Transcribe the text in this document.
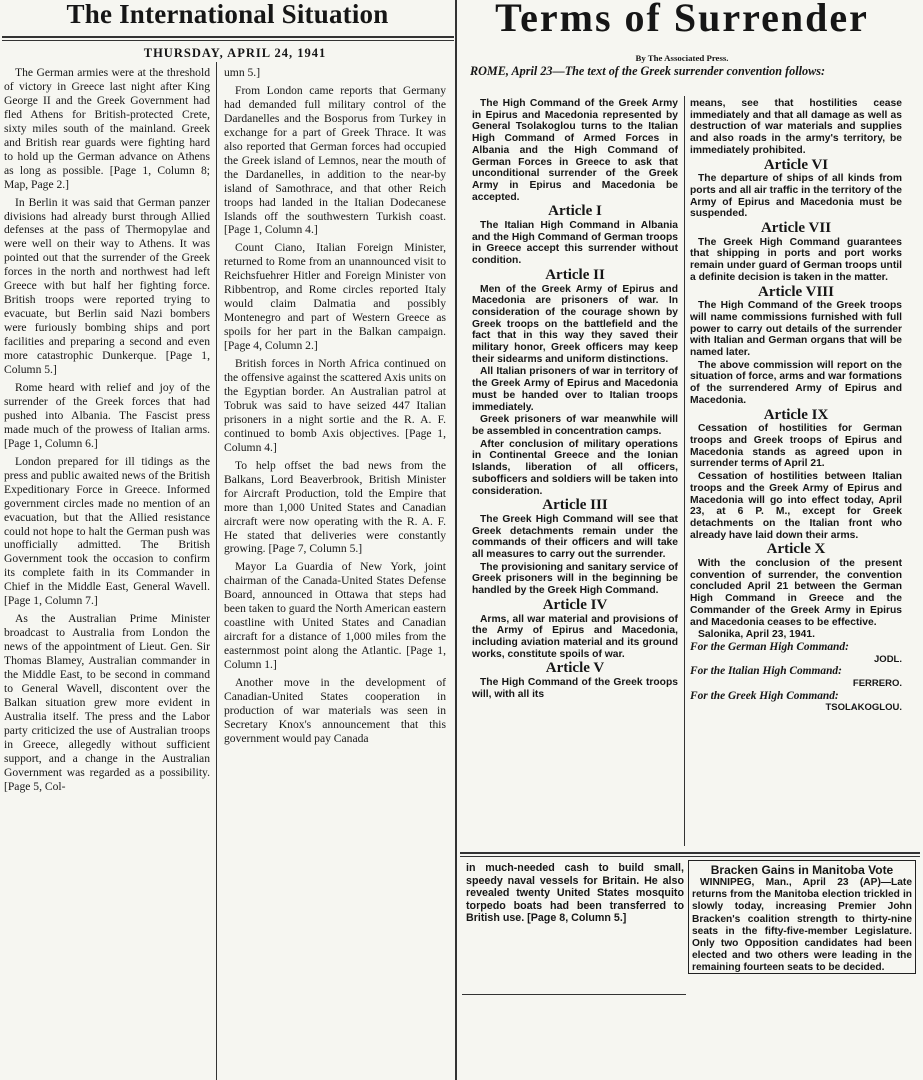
The International Situation
THURSDAY, APRIL 24, 1941

The German armies were at the threshold of victory in Greece last night after King George II and the Greek Government had fled Athens for British-protected Crete, sixty miles south of the mainland. Greek and British rear guards were fighting hard to hold up the German advance on Athens as long as possible. [Page 1, Column 8; Map, Page 2.]

In Berlin it was said that German panzer divisions had already burst through Allied defenses at the pass of Thermopylae and were well on their way to Athens. It was pointed out that the surrender of the Greek forces in the north and northwest had left Greece with but half her fighting force. British troops were reported trying to evacuate, but Berlin said Nazi bombers were furiously bombing ships and port facilities and preparing a second and even more catastrophic Dunkerque. [Page 1, Column 5.]

Rome heard with relief and joy of the surrender of the Greek forces that had pushed into Albania. The Fascist press made much of the prowess of Italian arms. [Page 1, Column 6.]

London prepared for ill tidings as the press and public awaited news of the British Expeditionary Force in Greece. Informed government circles made no mention of an evacuation, but that the Allied resistance could not hope to halt the German push was unofficially admitted. The British Government took the occasion to confirm its complete faith in its Commander in Chief in the Middle East, General Wavell. [Page 1, Column 7.]

As the Australian Prime Minister broadcast to Australia from London the news of the appointment of Lieut. Gen. Sir Thomas Blamey, Australian commander in the Middle East, to be second in command to General Wavell, discontent over the Balkan situation grew more evident in Australia itself. The press and the Labor party criticized the use of Australian troops in Greece, allegedly without sufficient support, and a change in the Australian Government was regarded as a possibility. [Page 5, Col-

umn 5.]

From London came reports that Germany had demanded full military control of the Dardanelles and the Bosporus from Turkey in exchange for a part of Greek Thrace. It was also reported that German forces had occupied the Greek island of Lemnos, near the mouth of the Dardanelles, in addition to the near-by island of Samothrace, and that other Reich troops had landed in the Italian Dodecanese Islands off the southwestern Turkish coast. [Page 1, Column 4.]

Count Ciano, Italian Foreign Minister, returned to Rome from an unannounced visit to Reichsfuehrer Hitler and Foreign Minister von Ribbentrop, and Rome circles reported Italy would claim Dalmatia and possibly Montenegro and part of Western Greece as spoils for her part in the Balkan campaign. [Page 4, Column 2.]

British forces in North Africa continued on the offensive against the scattered Axis units on the Egyptian border. An Australian patrol at Tobruk was said to have seized 447 Italian prisoners in a night sortie and the R. A. F. continued to bomb Axis objectives. [Page 1, Column 4.]

To help offset the bad news from the Balkans, Lord Beaverbrook, British Minister for Aircraft Production, told the Empire that more than 1,000 United States and Canadian aircraft were now operating with the R. A. F. He stated that deliveries were constantly growing. [Page 7, Column 5.]

Mayor La Guardia of New York, joint chairman of the Canada-United States Defense Board, announced in Ottawa that steps had been taken to guard the North American eastern coastline with United States and Canadian aircraft for a distance of 1,000 miles from the easternmost point along the Atlantic. [Page 1, Column 1.]

Another move in the development of Canadian-United States cooperation in production of war materials was seen in Secretary Knox's announcement that this government would pay Canada

Terms of Surrender
By The Associated Press.
ROME, April 23—The text of the Greek surrender convention follows:

The High Command of the Greek Army in Epirus and Macedonia represented by General Tsolakoglou turns to the Italian High Command of Armed Forces in Albania and the High Command of German Forces in Greece to ask that unconditional surrender of the Greek Army in Epirus and Macedonia be accepted.

Article I

The Italian High Command in Albania and the High Command of German troops in Greece accept this surrender without condition.

Article II

Men of the Greek Army of Epirus and Macedonia are prisoners of war. In consideration of the courage shown by Greek troops on the battlefield and the fact that in this way they saved their military honor, Greek officers may keep their sidearms and uniform distinctions.

All Italian prisoners of war in territory of the Greek Army of Epirus and Macedonia must be handed over to Italian troops immediately.

Greek prisoners of war meanwhile will be assembled in concentration camps.

After conclusion of military operations in Continental Greece and the Ionian Islands, liberation of all officers, subofficers and soldiers will be taken into consideration.

Article III

The Greek High Command will see that Greek detachments remain under the commands of their officers and will take all measures to carry out the surrender.

The provisioning and sanitary service of Greek prisoners will in the beginning be handled by the Greek High Command.

Article IV

Arms, all war material and provisions of the Army of Epirus and Macedonia, including aviation material and its ground works, constitute spoils of war.

Article V

The High Command of the Greek troops will, with all its

means, see that hostilities cease immediately and that all damage as well as destruction of war materials and supplies and also roads in the army's territory, be immediately prohibited.

Article VI

The departure of ships of all kinds from ports and all air traffic in the territory of the Army of Epirus and Macedonia must be suspended.

Article VII

The Greek High Command guarantees that shipping in ports and port works remain under guard of German troops until a definite decision is taken in the matter.

Article VIII

The High Command of the Greek troops will name commissions furnished with full power to carry out details of the surrender with Italian and German organs that will be named later.

The above commission will report on the situation of force, arms and war formations of the surrendered Army of Epirus and Macedonia.

Article IX

Cessation of hostilities for German troops and Greek troops of Epirus and Macedonia stands as agreed upon in surrender terms of April 21.

Cessation of hostilities between Italian troops and the Greek Army of Epirus and Macedonia will go into effect today, April 23, at 6 P. M., except for Greek detachments on the Italian front who already have laid down their arms.

Article X

With the conclusion of the present convention of surrender, the convention concluded April 21 between the German High Command in Greece and the Commander of the Greek Army in Epirus and Macedonia ceases to be effective.

Salonika, April 23, 1941.

For the German High Command:

JODL.

For the Italian High Command:

FERRERO.

For the Greek High Command:

TSOLAKOGLOU.

in much-needed cash to build small, speedy naval vessels for Britain. He also revealed twenty United States mosquito torpedo boats had been transferred to British use. [Page 8, Column 5.]

Bracken Gains in Manitoba Vote

WINNIPEG, Man., April 23 (AP)—Late returns from the Manitoba election trickled in slowly today, increasing Premier John Bracken's coalition strength to thirty-nine seats in the fifty-five-member Legislature. Only two Opposition candidates had been elected and two others were leading in the remaining fourteen seats to be decided.
